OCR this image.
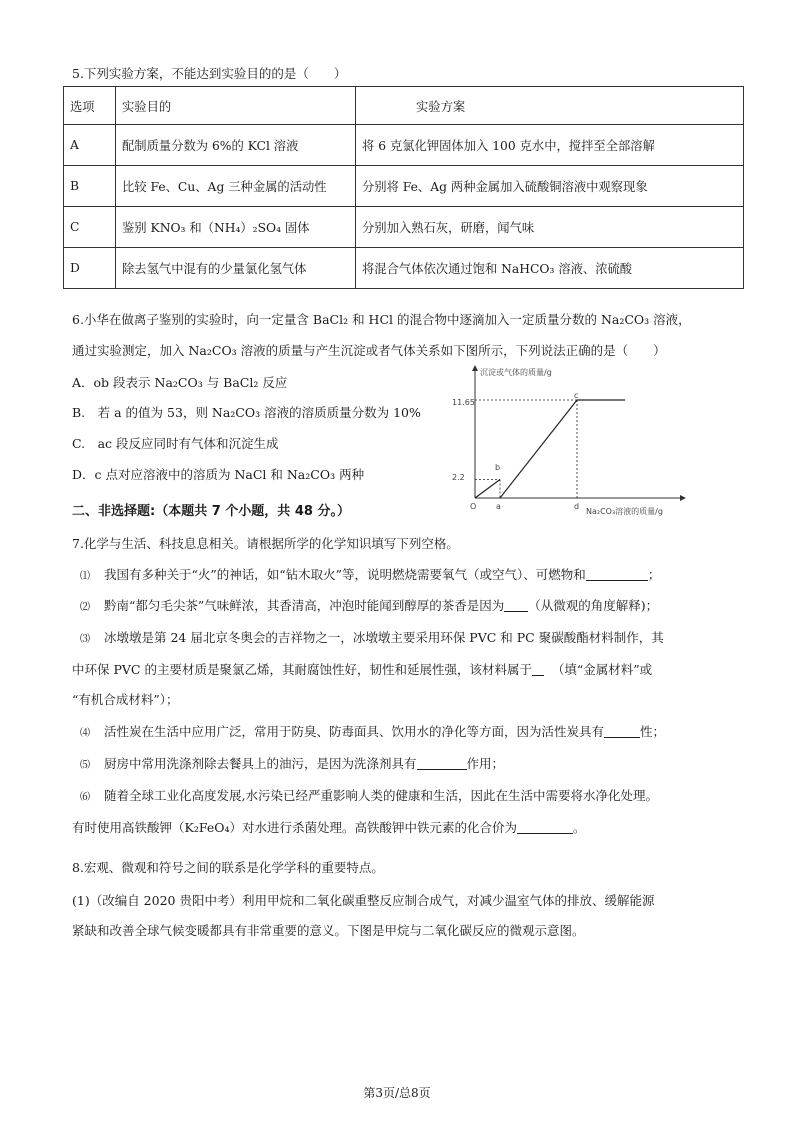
5.下列实验方案，不能达到实验目的的是（　　）
选项	实验目的	实验方案
A	配制质量分数为 6%的 KCl 溶液	将 6 克氯化钾固体加入 100 克水中，搅拌至全部溶解
B	比较 Fe、Cu、Ag 三种金属的活动性	分别将 Fe、Ag 两种金属加入硫酸铜溶液中观察现象
C	鉴别 KNO₃ 和（NH₄）₂SO₄ 固体	分别加入熟石灰，研磨，闻气味
D	除去氢气中混有的少量氯化氢气体	将混合气体依次通过饱和 NaHCO₃ 溶液、浓硫酸
6.小华在做离子鉴别的实验时，向一定量含 BaCl₂ 和 HCl 的混合物中逐滴加入一定质量分数的 Na₂CO₃ 溶液，
通过实验测定，加入 Na₂CO₃ 溶液的质量与产生沉淀或者气体关系如下图所示，下列说法正确的是（　　）
A．ob 段表示 Na₂CO₃ 与 BaCl₂ 反应
B.　若 a 的值为 53，则 Na₂CO₃ 溶液的溶质质量分数为 10%
C.　ac 段反应同时有气体和沉淀生成
D．c 点对应溶液中的溶质为 NaCl 和 Na₂CO₃ 两种
沉淀或气体的质量/g
Na₂CO₃溶液的质量/g
11.65
2.2
O a	d
b
c
二、非选择题:（本题共 7 个小题，共 48 分。）
7.化学与生活、科技息息相关。请根据所学的化学知识填写下列空格。
⑴ 我国有多种关于“火”的神话，如“钻木取火”等，说明燃烧需要氧气（或空气）、可燃物和	；
⑵ 黔南“都匀毛尖茶”气味鲜浓，其香清高，冲泡时能闻到醇厚的茶香是因为 （从微观的角度解释)；
⑶ 冰墩墩是第 24 届北京冬奥会的吉祥物之一，冰墩墩主要采用环保 PVC 和 PC 聚碳酸酯材料制作，其
中环保 PVC 的主要材质是聚氯乙烯，其耐腐蚀性好，韧性和延展性强，该材料属于 （填“金属材料”或
“有机合成材料”）；
⑷ 活性炭在生活中应用广泛，常用于防臭、防毒面具、饮用水的净化等方面，因为活性炭具有	性；
⑸ 厨房中常用洗涤剂除去餐具上的油污，是因为洗涤剂具有	作用；
⑹ 随着全球工业化高度发展,水污染已经严重影响人类的健康和生活，因此在生活中需要将水净化处理。
有时使用高铁酸钾（K₂FeO₄）对水进行杀菌处理。高铁酸钾中铁元素的化合价为	。
8.宏观、微观和符号之间的联系是化学学科的重要特点。
(1)（改编自 2020 贵阳中考）利用甲烷和二氧化碳重整反应制合成气，对减少温室气体的排放、缓解能源
紧缺和改善全球气候变暖都具有非常重要的意义。下图是甲烷与二氧化碳反应的微观示意图。
第3页/总8页
